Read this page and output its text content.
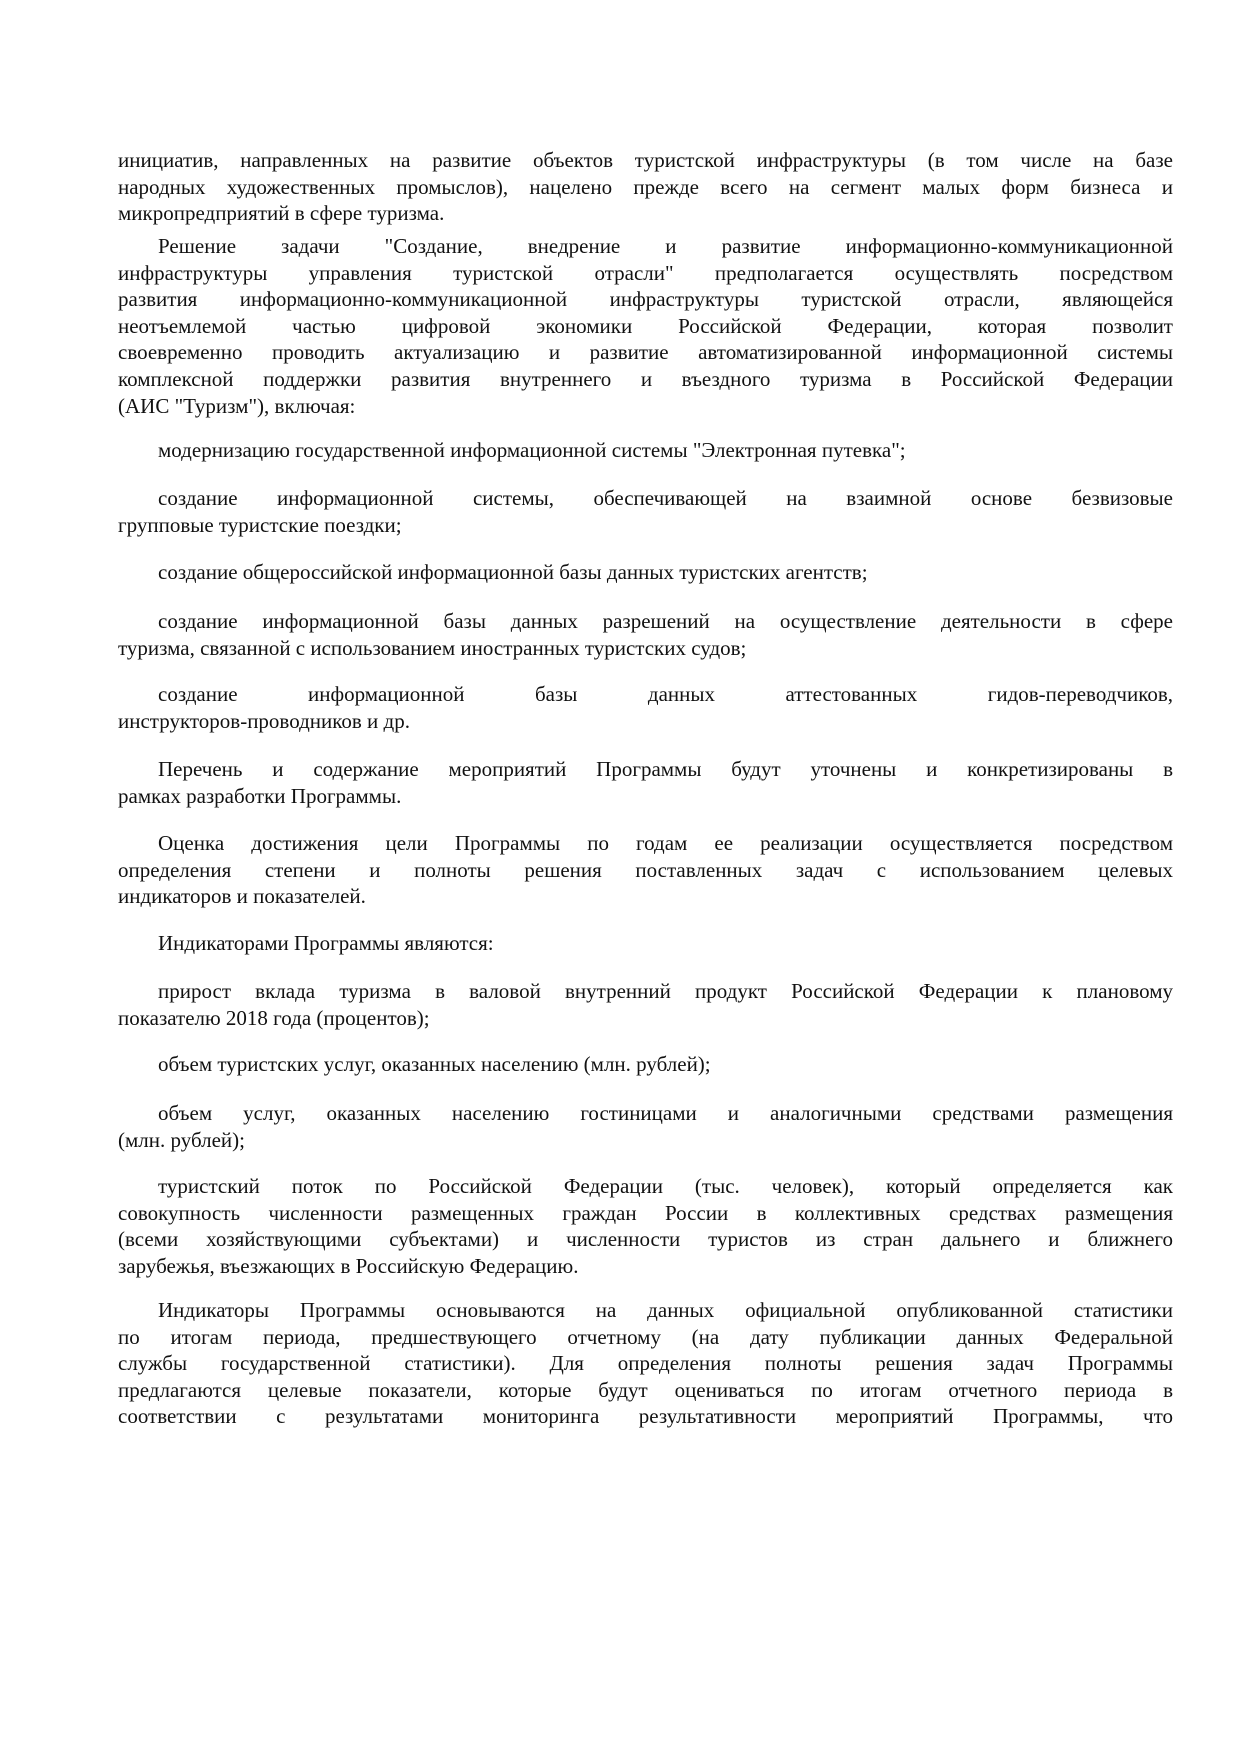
инициатив, направленных на развитие объектов туристской инфраструктуры (в том числе на базе
народных художественных промыслов), нацелено прежде всего на сегмент малых форм бизнеса и
микропредприятий в сфере туризма.
Решение задачи "Создание, внедрение и развитие информационно-коммуникационной
инфраструктуры управления туристской отрасли" предполагается осуществлять посредством
развития информационно-коммуникационной инфраструктуры туристской отрасли, являющейся
неотъемлемой частью цифровой экономики Российской Федерации, которая позволит
своевременно проводить актуализацию и развитие автоматизированной информационной системы
комплексной поддержки развития внутреннего и въездного туризма в Российской Федерации
(АИС "Туризм"), включая:
модернизацию государственной информационной системы "Электронная путевка";
создание информационной системы, обеспечивающей на взаимной основе безвизовые
групповые туристские поездки;
создание общероссийской информационной базы данных туристских агентств;
создание информационной базы данных разрешений на осуществление деятельности в сфере
туризма, связанной с использованием иностранных туристских судов;
создание информационной базы данных аттестованных гидов-переводчиков,
инструкторов-проводников и др.
Перечень и содержание мероприятий Программы будут уточнены и конкретизированы в
рамках разработки Программы.
Оценка достижения цели Программы по годам ее реализации осуществляется посредством
определения степени и полноты решения поставленных задач с использованием целевых
индикаторов и показателей.
Индикаторами Программы являются:
прирост вклада туризма в валовой внутренний продукт Российской Федерации к плановому
показателю 2018 года (процентов);
объем туристских услуг, оказанных населению (млн. рублей);
объем услуг, оказанных населению гостиницами и аналогичными средствами размещения
(млн. рублей);
туристский поток по Российской Федерации (тыс. человек), который определяется как
совокупность численности размещенных граждан России в коллективных средствах размещения
(всеми хозяйствующими субъектами) и численности туристов из стран дальнего и ближнего
зарубежья, въезжающих в Российскую Федерацию.
Индикаторы Программы основываются на данных официальной опубликованной статистики
по итогам периода, предшествующего отчетному (на дату публикации данных Федеральной
службы государственной статистики). Для определения полноты решения задач Программы
предлагаются целевые показатели, которые будут оцениваться по итогам отчетного периода в
соответствии с результатами мониторинга результативности мероприятий Программы, что
